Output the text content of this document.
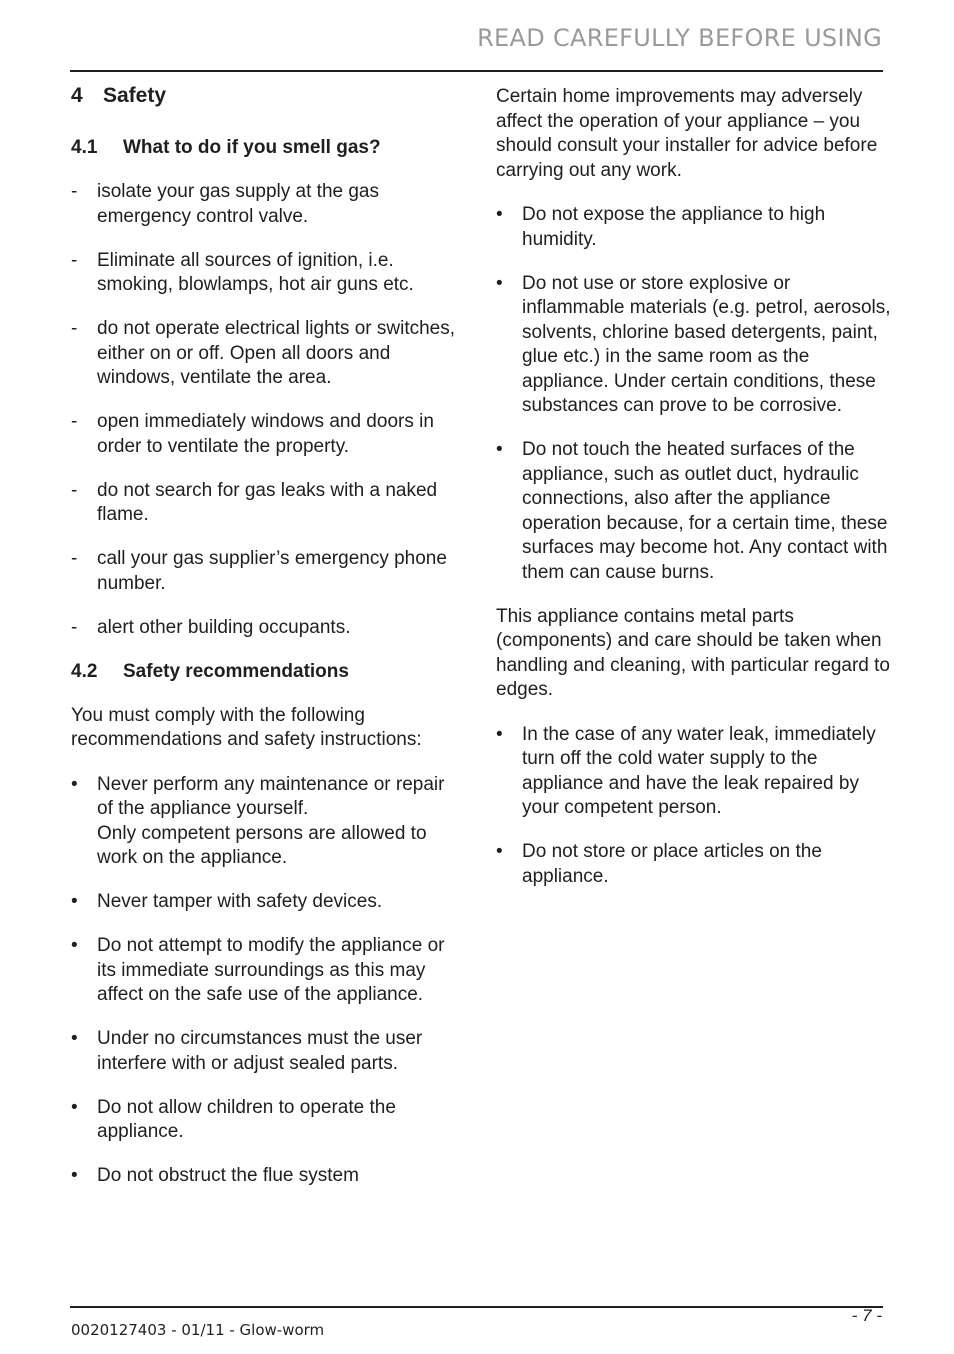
READ CAREFULLY BEFORE USING
4 Safety
4.1 What to do if you smell gas?
-	isolate your gas supply at the gas emergency control valve.
-	Eliminate all sources of ignition, i.e. smoking, blowlamps, hot air guns etc.
-	do not operate electrical lights or switches, either on or off. Open all doors and windows, ventilate the area.
-	open immediately windows and doors in order to ventilate the property.
-	do not search for gas leaks with a naked flame.
-	call your gas supplier’s emergency phone number.
-	alert other building occupants.
4.2 Safety recommendations
You must comply with the following recommendations and safety instructions:
•	Never perform any maintenance or repair of the appliance yourself.
Only competent persons are allowed to work on the appliance.
•	Never tamper with safety devices.
•	Do not attempt to modify the appliance or its immediate surroundings as this may affect on the safe use of the appliance.
•	Under no circumstances must the user interfere with or adjust sealed parts.
•	Do not allow children to operate the appliance.
•	Do not obstruct the flue system
Certain home improvements may adversely affect the operation of your appliance – you should consult your installer for advice before carrying out any work.
•	Do not expose the appliance to high humidity.
•	Do not use or store explosive or inflammable materials (e.g. petrol, aerosols, solvents, chlorine based detergents, paint, glue etc.) in the same room as the appliance. Under certain conditions, these substances can prove to be corrosive.
•	Do not touch the heated surfaces of the appliance, such as outlet duct, hydraulic connections, also after the appliance operation because, for a certain time, these surfaces may become hot. Any contact with them can cause burns.
This appliance contains metal parts (components) and care should be taken when handling and cleaning, with particular regard to edges.
•	In the case of any water leak, immediately turn off the cold water supply to the appliance and have the leak repaired by your competent person.
•	Do not store or place articles on the appliance.
- 7 -
0020127403 - 01/11 - Glow-worm
